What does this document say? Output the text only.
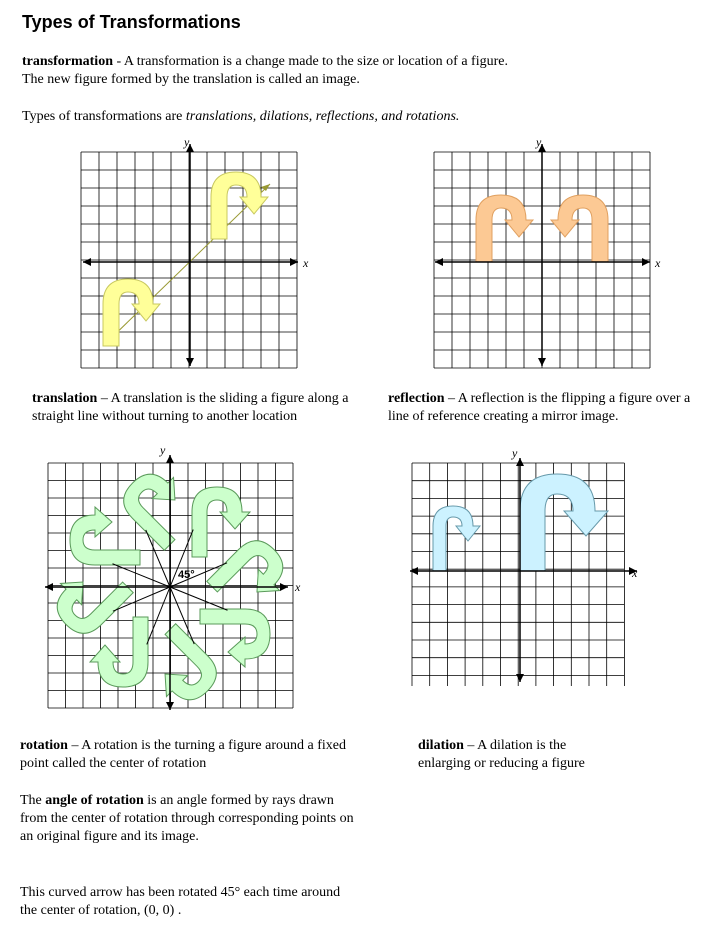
Types of Transformations

transformation - A transformation is a change made to the size or location of a figure.
The new figure formed by the translation is called an image.

Types of transformations are translations, dilations, reflections, and rotations.

x
y
x
y

translation – A translation is the sliding a figure along a straight line without turning to another location

reflection – A reflection is the flipping a figure over a line of reference creating a mirror image.

45°
x
y
x
y

rotation – A rotation is the turning a figure around a fixed point called the center of rotation

dilation – A dilation is the enlarging or reducing a figure

The angle of rotation is an angle formed by rays drawn from the center of rotation through corresponding points on an original figure and its image.

This curved arrow has been rotated 45° each time around the center of rotation, (0, 0) .
